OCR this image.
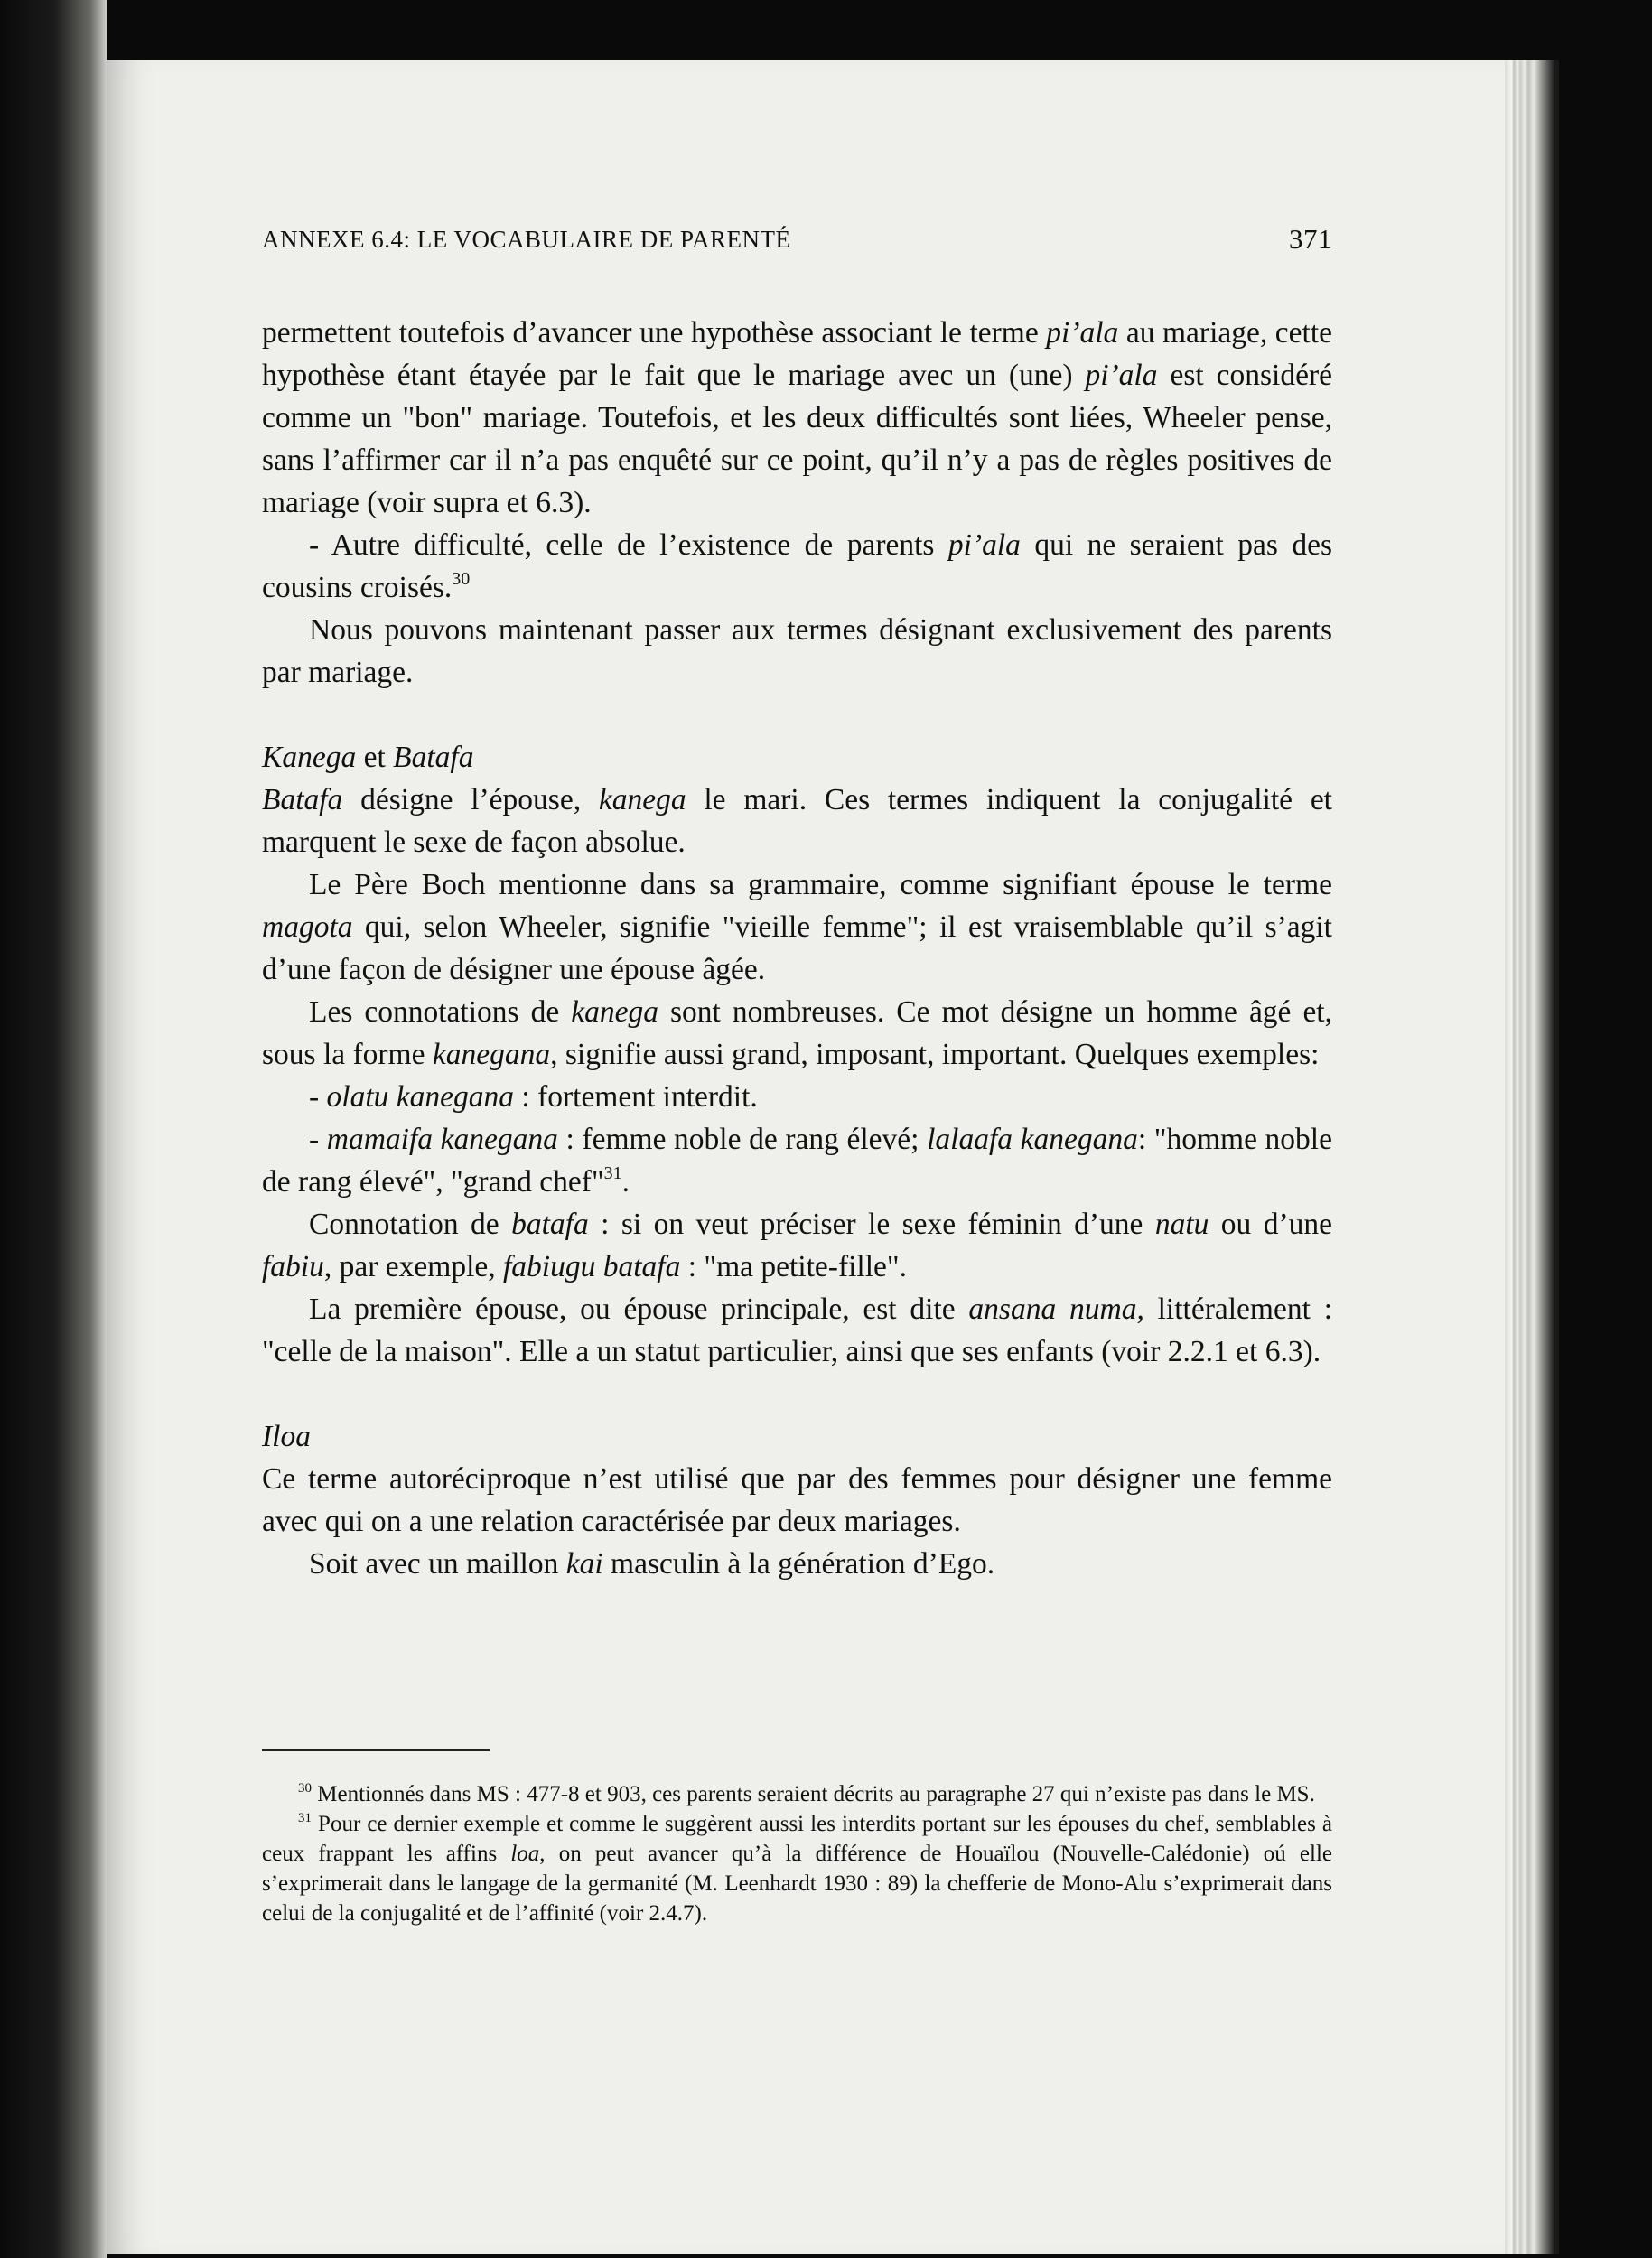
ANNEXE 6.4: LE VOCABULAIRE DE PARENTÉ	371

permettent toutefois d’avancer une hypothèse associant le terme pi’ala au mariage, cette hypothèse étant étayée par le fait que le mariage avec un (une) pi’ala est considéré comme un "bon" mariage. Toutefois, et les deux difficultés sont liées, Wheeler pense, sans l’affirmer car il n’a pas enquêté sur ce point, qu’il n’y a pas de règles positives de mariage (voir supra et 6.3).

- Autre difficulté, celle de l’existence de parents pi’ala qui ne seraient pas des cousins croisés.$^{30}$

Nous pouvons maintenant passer aux termes désignant exclusivement des parents par mariage.

Kanega et Batafa

Batafa désigne l’épouse, kanega le mari. Ces termes indiquent la conjugalité et marquent le sexe de façon absolue.

Le Père Boch mentionne dans sa grammaire, comme signifiant épouse le terme magota qui, selon Wheeler, signifie "vieille femme"; il est vraisemblable qu’il s’agit d’une façon de désigner une épouse âgée.

Les connotations de kanega sont nombreuses. Ce mot désigne un homme âgé et, sous la forme kanegana, signifie aussi grand, imposant, important. Quelques exemples:

- olatu kanegana : fortement interdit.

- mamaifa kanegana : femme noble de rang élevé; lalaafa kanegana: "homme noble de rang élevé", "grand chef"$^{31}$.

Connotation de batafa : si on veut préciser le sexe féminin d’une natu ou d’une fabiu, par exemple, fabiugu batafa : "ma petite-fille".

La première épouse, ou épouse principale, est dite ansana numa, littéralement : "celle de la maison". Elle a un statut particulier, ainsi que ses enfants (voir 2.2.1 et 6.3).

Iloa

Ce terme autoréciproque n’est utilisé que par des femmes pour désigner une femme avec qui on a une relation caractérisée par deux mariages.

Soit avec un maillon kai masculin à la génération d’Ego.

$^{30}$ Mentionnés dans MS : 477-8 et 903, ces parents seraient décrits au paragraphe 27 qui n’existe pas dans le MS.

$^{31}$ Pour ce dernier exemple et comme le suggèrent aussi les interdits portant sur les épouses du chef, semblables à ceux frappant les affins loa, on peut avancer qu’à la différence de Houaïlou (Nouvelle-Calédonie) oú elle s’exprimerait dans le langage de la germanité (M. Leenhardt 1930 : 89) la chefferie de Mono-Alu s’exprimerait dans celui de la conjugalité et de l’affinité (voir 2.4.7).
